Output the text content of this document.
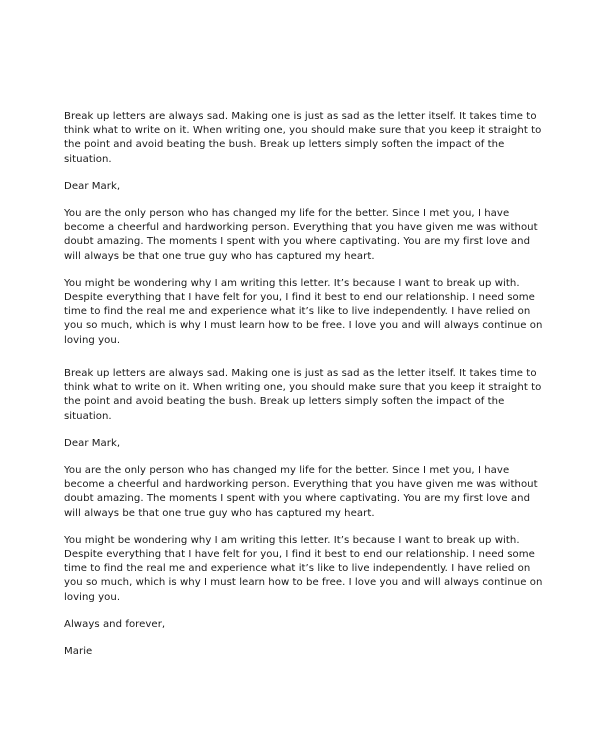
Break up letters are always sad. Making one is just as sad as the letter itself. It takes time to think what to write on it. When writing one, you should make sure that you keep it straight to the point and avoid beating the bush. Break up letters simply soften the impact of the situation.

Dear Mark,

You are the only person who has changed my life for the better. Since I met you, I have become a cheerful and hardworking person. Everything that you have given me was without doubt amazing. The moments I spent with you where captivating. You are my first love and will always be that one true guy who has captured my heart.

You might be wondering why I am writing this letter. It’s because I want to break up with. Despite everything that I have felt for you, I find it best to end our relationship. I need some time to find the real me and experience what it’s like to live independently. I have relied on you so much, which is why I must learn how to be free. I love you and will always continue on loving you.

Break up letters are always sad. Making one is just as sad as the letter itself. It takes time to think what to write on it. When writing one, you should make sure that you keep it straight to the point and avoid beating the bush. Break up letters simply soften the impact of the situation.

Dear Mark,

You are the only person who has changed my life for the better. Since I met you, I have become a cheerful and hardworking person. Everything that you have given me was without doubt amazing. The moments I spent with you where captivating. You are my first love and will always be that one true guy who has captured my heart.

You might be wondering why I am writing this letter. It’s because I want to break up with. Despite everything that I have felt for you, I find it best to end our relationship. I need some time to find the real me and experience what it’s like to live independently. I have relied on you so much, which is why I must learn how to be free. I love you and will always continue on loving you.

Always and forever,

Marie
